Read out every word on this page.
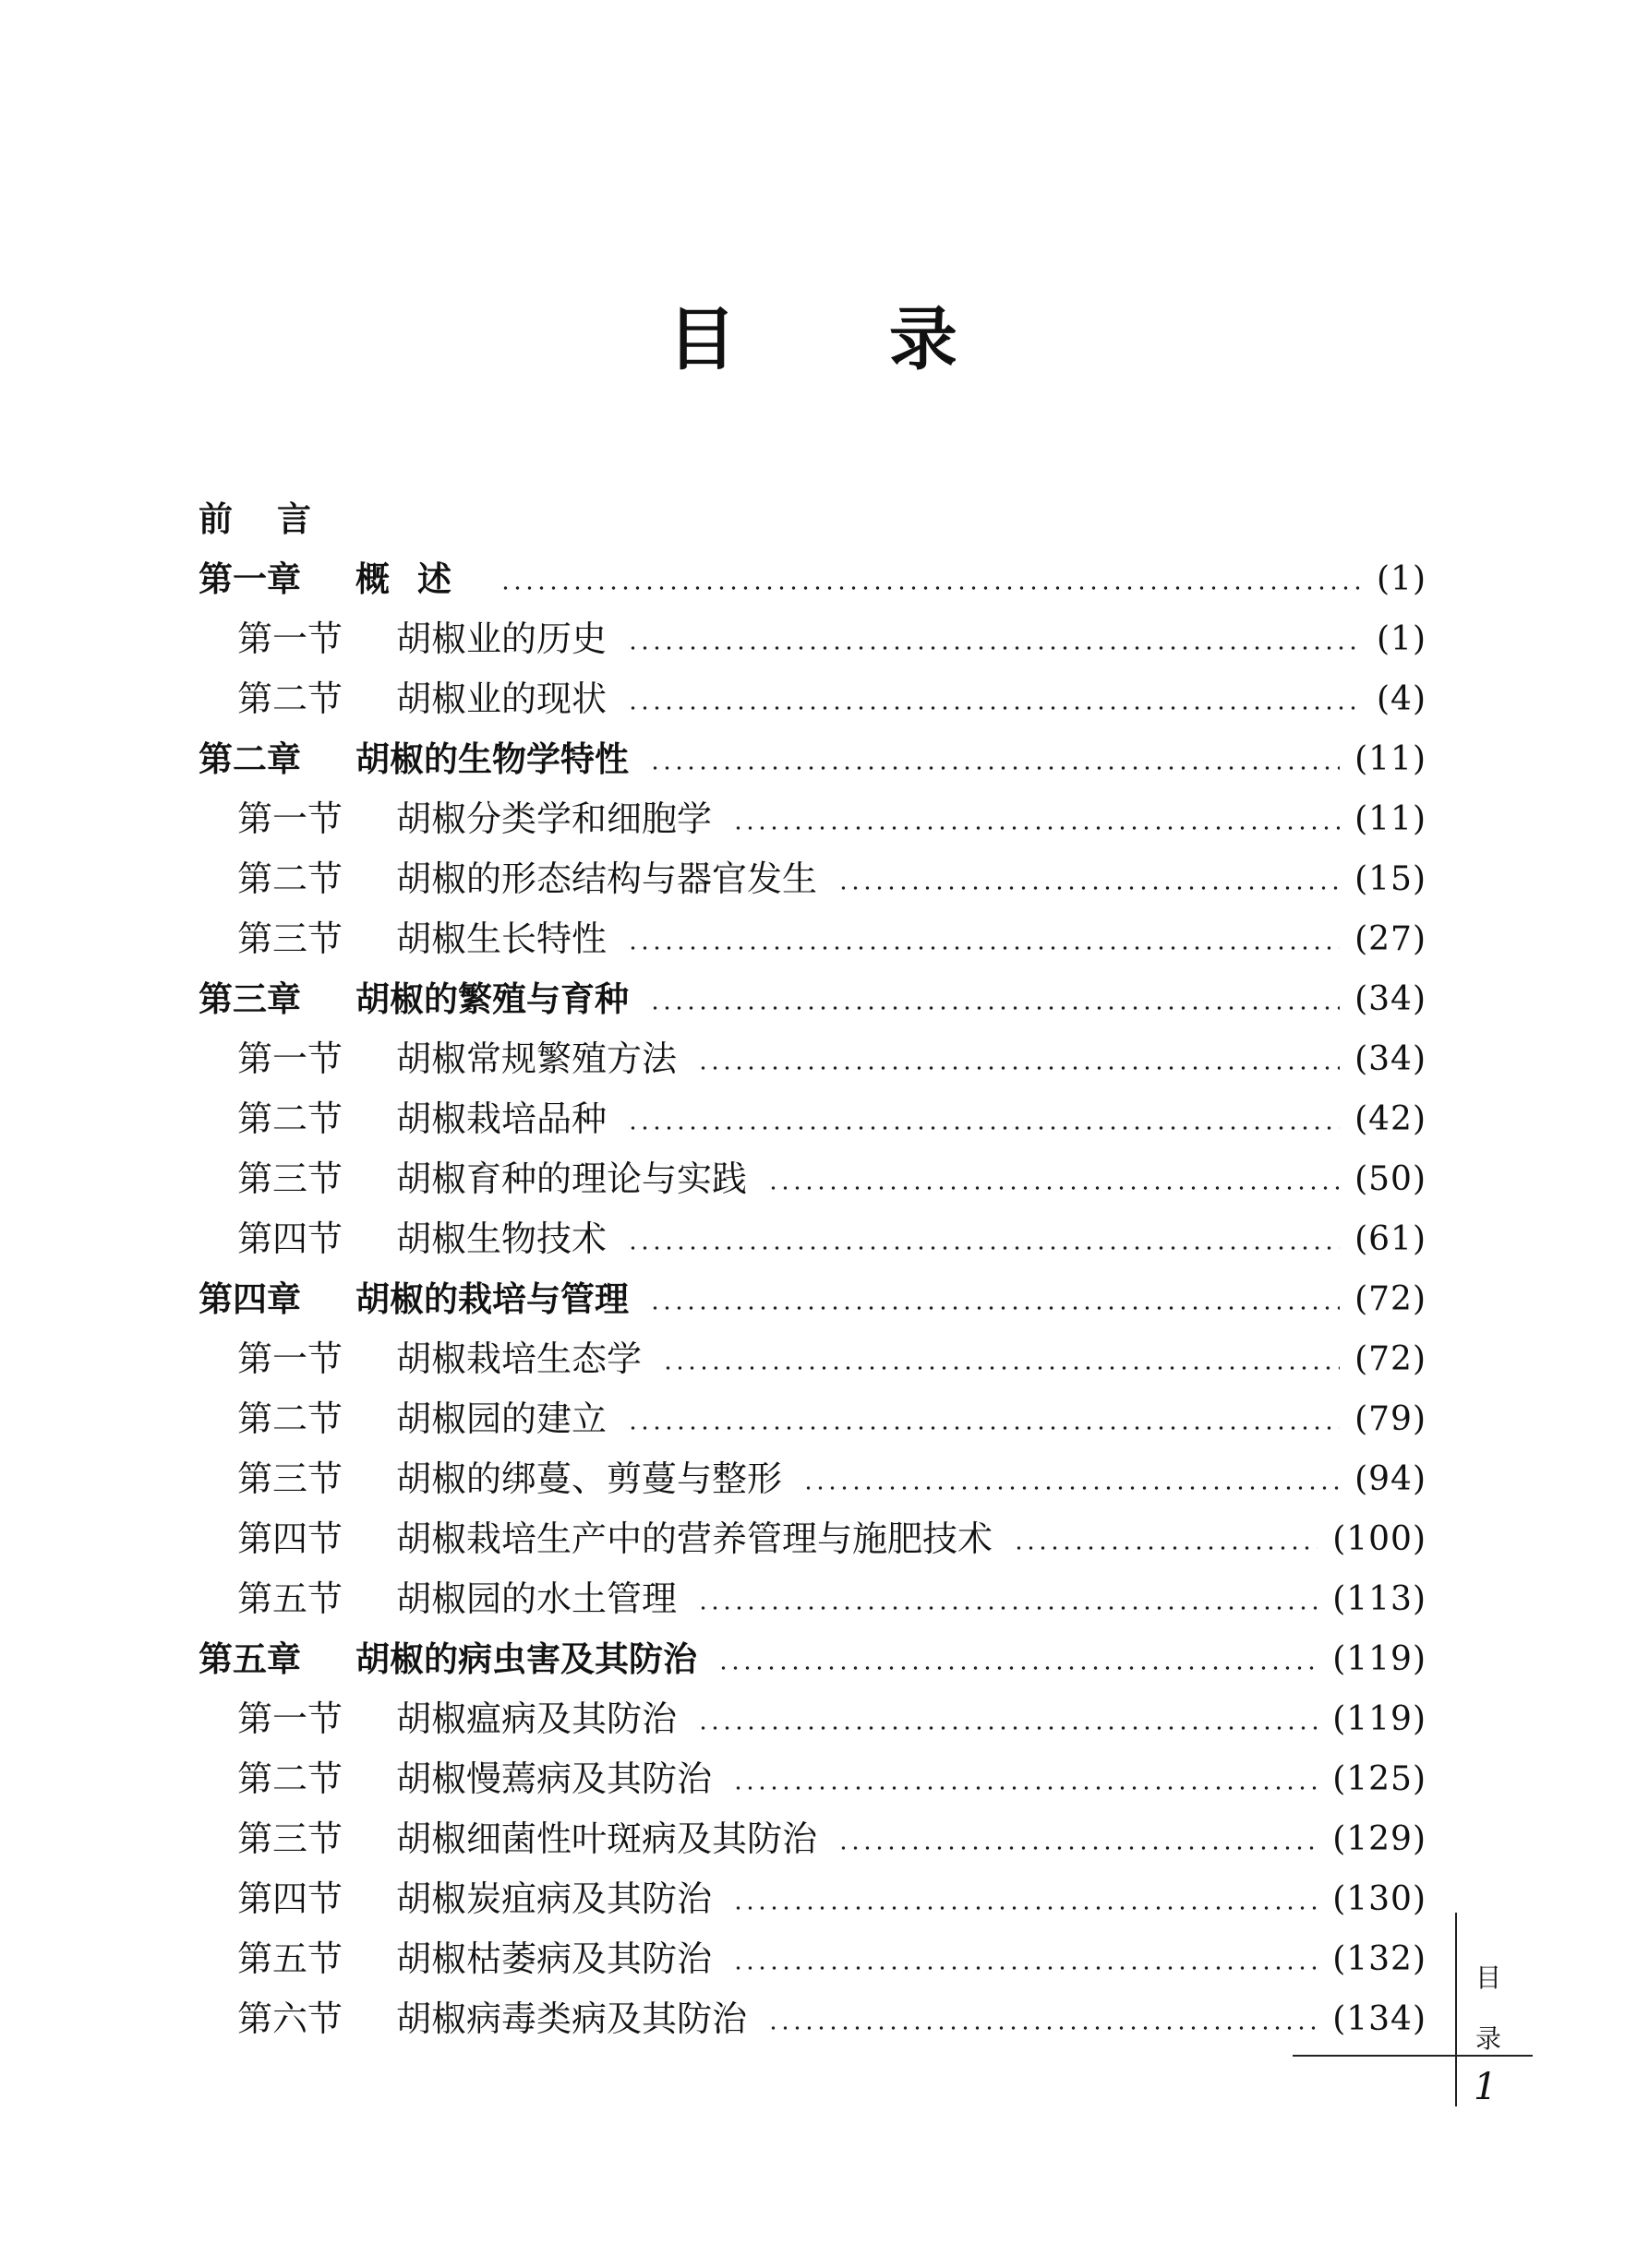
目 录
前言
第一章	概述	(1)
第一节	胡椒业的历史	(1)
第二节	胡椒业的现状	(4)
第二章	胡椒的生物学特性	(11)
第一节	胡椒分类学和细胞学	(11)
第二节	胡椒的形态结构与器官发生	(15)
第三节	胡椒生长特性	(27)
第三章	胡椒的繁殖与育种	(34)
第一节	胡椒常规繁殖方法	(34)
第二节	胡椒栽培品种	(42)
第三节	胡椒育种的理论与实践	(50)
第四节	胡椒生物技术	(61)
第四章	胡椒的栽培与管理	(72)
第一节	胡椒栽培生态学	(72)
第二节	胡椒园的建立	(79)
第三节	胡椒的绑蔓、剪蔓与整形	(94)
第四节	胡椒栽培生产中的营养管理与施肥技术	(100)
第五节	胡椒园的水土管理	(113)
第五章	胡椒的病虫害及其防治	(119)
第一节	胡椒瘟病及其防治	(119)
第二节	胡椒慢蔫病及其防治	(125)
第三节	胡椒细菌性叶斑病及其防治	(129)
第四节	胡椒炭疽病及其防治	(130)
第五节	胡椒枯萎病及其防治	(132)
第六节	胡椒病毒类病及其防治	(134)
目
录
1
